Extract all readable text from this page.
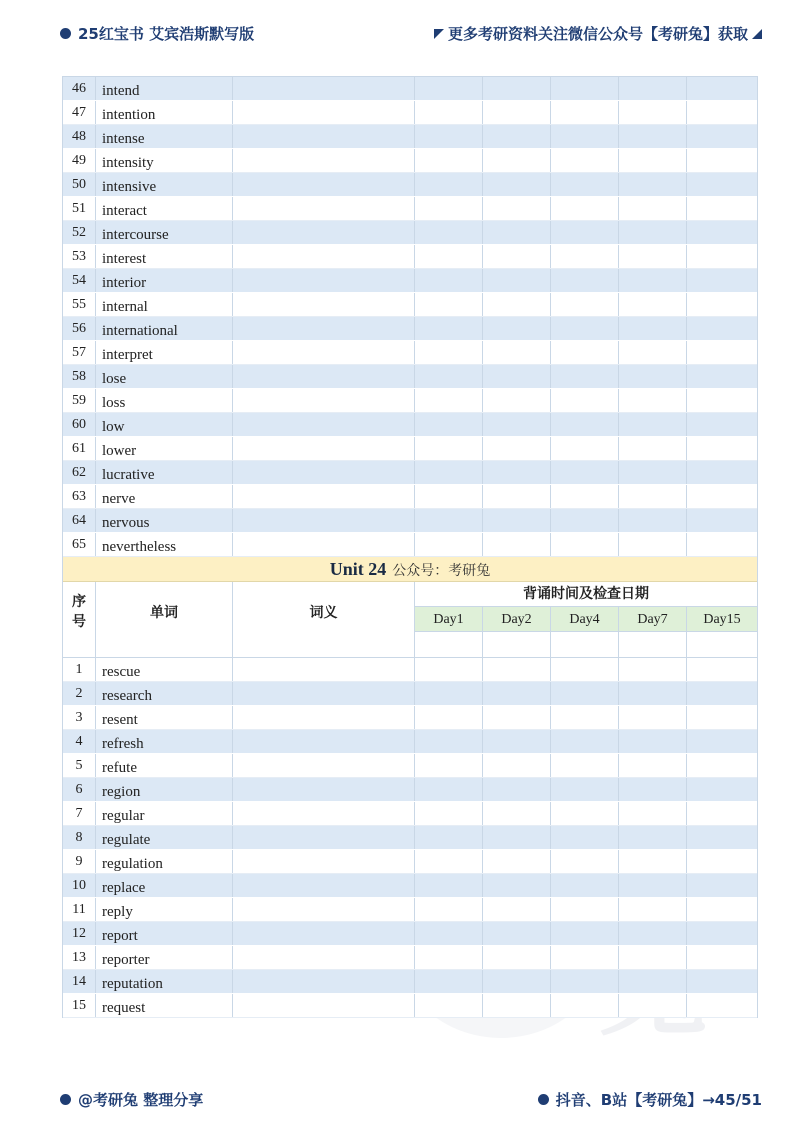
25红宝书 艾宾浩斯默写版	更多考研资料关注微信公众号【考研兔】获取
46	intend
47	intention
48	intense
49	intensity
50	intensive
51	interact
52	intercourse
53	interest
54	interior
55	internal
56	international
57	interpret
58	lose
59	loss
60	low
61	lower
62	lucrative
63	nerve
64	nervous
65	nevertheless
Unit 24 公众号：考研兔
序
号
单词	词义
背诵时间及检查日期
Day1	Day2	Day4	Day7	Day15
1	rescue
2	research
3	resent
4	refresh
5	refute
6	region
7	regular
8	regulate
9	regulation
10	replace
11	reply
12	report
13	reporter
14	reputation
15	request
@考研兔 整理分享	抖音、B站【考研兔】→45/51
